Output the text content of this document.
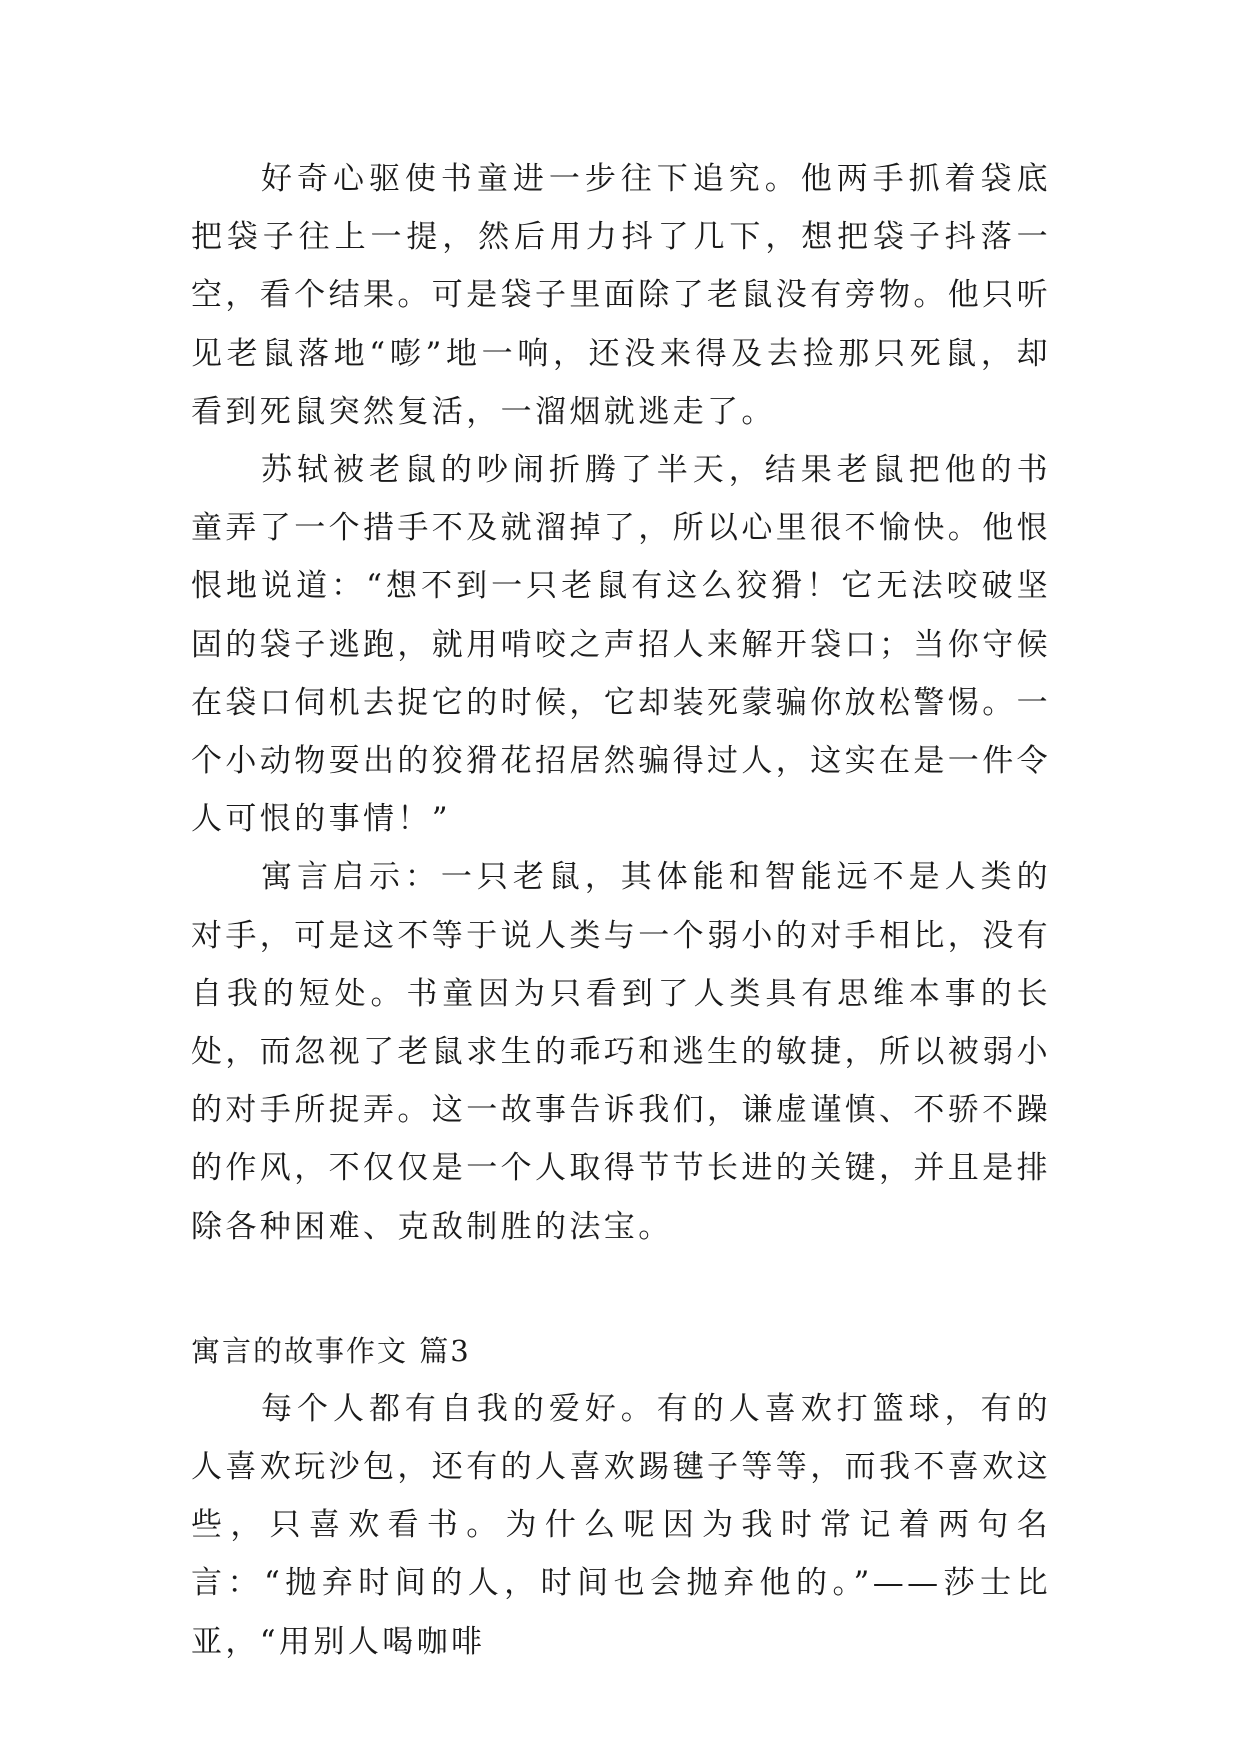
好奇心驱使书童进一步往下追究。他两手抓着袋底把袋子往上一提，然后用力抖了几下，想把袋子抖落一空，看个结果。可是袋子里面除了老鼠没有旁物。他只听见老鼠落地“嘭”地一响，还没来得及去捡那只死鼠，却看到死鼠突然复活，一溜烟就逃走了。

苏轼被老鼠的吵闹折腾了半天，结果老鼠把他的书童弄了一个措手不及就溜掉了，所以心里很不愉快。他恨恨地说道：“想不到一只老鼠有这么狡猾！它无法咬破坚固的袋子逃跑，就用啃咬之声招人来解开袋口；当你守候在袋口伺机去捉它的时候，它却装死蒙骗你放松警惕。一个小动物耍出的狡猾花招居然骗得过人，这实在是一件令人可恨的事情！”

寓言启示：一只老鼠，其体能和智能远不是人类的对手，可是这不等于说人类与一个弱小的对手相比，没有自我的短处。书童因为只看到了人类具有思维本事的长处，而忽视了老鼠求生的乖巧和逃生的敏捷，所以被弱小的对手所捉弄。这一故事告诉我们，谦虚谨慎、不骄不躁的作风，不仅仅是一个人取得节节长进的关键，并且是排除各种困难、克敌制胜的法宝。

寓言的故事作文 篇3

每个人都有自我的爱好。有的人喜欢打篮球，有的人喜欢玩沙包，还有的人喜欢踢毽子等等，而我不喜欢这些，只喜欢看书。为什么呢因为我时常记着两句名言：“抛弃时间的人，时间也会抛弃他的。”——莎士比亚，“用别人喝咖啡
